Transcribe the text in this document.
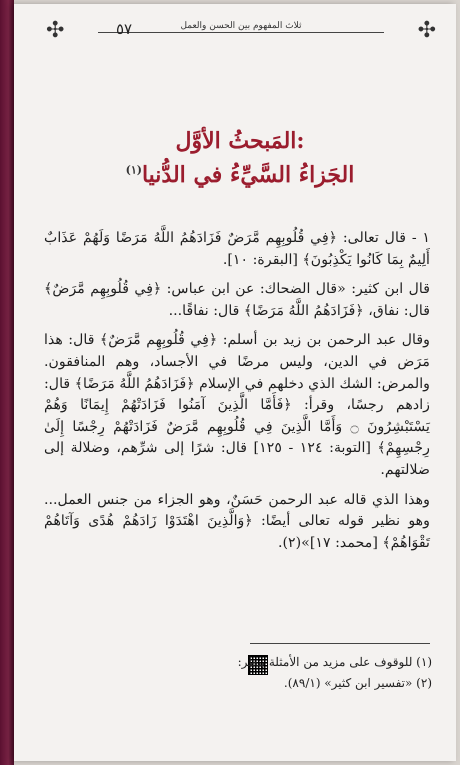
✣	٥٧	ثلاث المفهوم بين الحسن والعمل	✣
المَبحثُ الأوَّل:
الجَزاءُ السَّيِّءُ في الدُّنيا$^{(١)}$

١ - قال تعالى: ﴿فِي قُلُوبِهِم مَّرَضٌ فَزَادَهُمُ اللَّهُ مَرَضًا وَلَهُمْ عَذَابٌ أَلِيمٌ بِمَا كَانُوا يَكْذِبُونَ﴾ [البقرة: ١٠].

قال ابن كثير: «قال الضحاك: عن ابن عباس: ﴿فِي قُلُوبِهِم مَّرَضٌ﴾ قال: نفاق، ﴿فَزَادَهُمُ اللَّهُ مَرَضًا﴾ قال: نفاقًا...

وقال عبد الرحمن بن زيد بن أسلم: ﴿فِي قُلُوبِهِم مَّرَضٌ﴾ قال: هذا مَرَض في الدين، وليس مرضًا في الأجساد، وهم المنافقون. والمرض: الشك الذي دخلهم في الإسلام ﴿فَزَادَهُمُ اللَّهُ مَرَضًا﴾ قال: زادهم رجسًا، وقرأ: ﴿فَأَمَّا الَّذِينَ آمَنُوا فَزَادَتْهُمْ إِيمَانًا وَهُمْ يَسْتَبْشِرُونَ ۝ وَأَمَّا الَّذِينَ فِي قُلُوبِهِم مَّرَضٌ فَزَادَتْهُمْ رِجْسًا إِلَىٰ رِجْسِهِمْ﴾ [التوبة: ١٢٤ - ١٢٥] قال: شرًا إلى شرِّهم، وضلالة إلى ضلالتهم.

وهذا الذي قاله عبد الرحمن حَسَنٌ، وهو الجزاء من جنس العمل... وهو نظير قوله تعالى أيضًا: ﴿وَالَّذِينَ اهْتَدَوْا زَادَهُمْ هُدًى وَآتَاهُمْ تَقْوَاهُمْ﴾ [محمد: ١٧]»(٢).

(١) للوقوف على مزيد من الأمثلة ينظر:
(٢) «تفسير ابن كثير» (٨٩/١).
